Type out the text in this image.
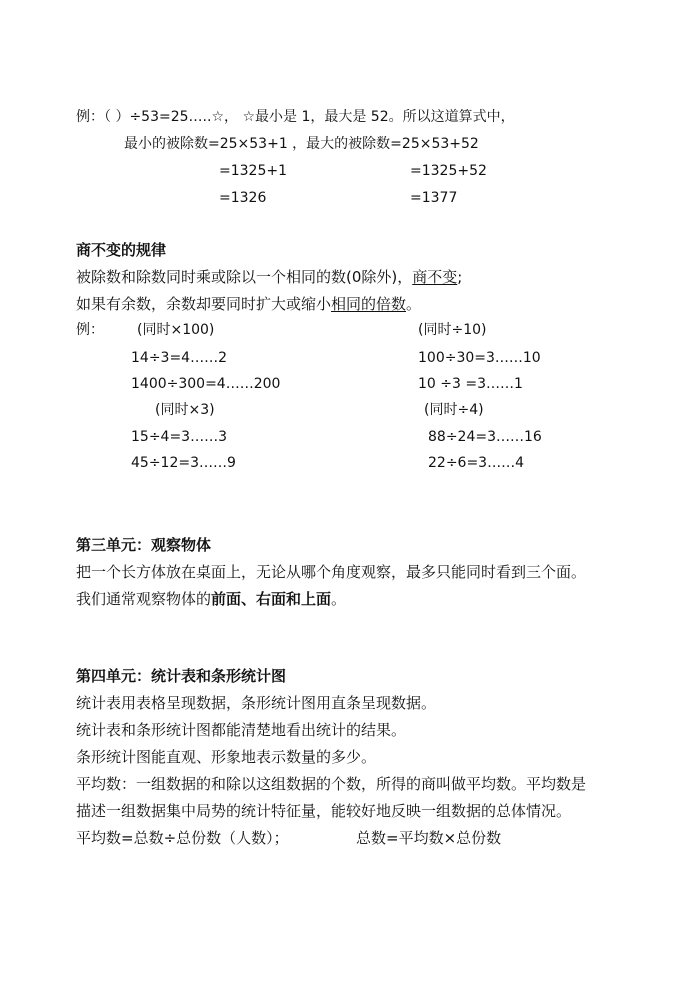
例：（ ）÷53=25…..☆， ☆最小是 1，最大是 52。所以这道算式中，
最小的被除数=25×53+1 ，最大的被除数=25×53+52
=1325+1	=1325+52
=1326	=1377
商不变的规律
被除数和除数同时乘或除以一个相同的数(0除外)，商不变;
如果有余数，余数却要同时扩大或缩小相同的倍数。
例： (同时×100)	(同时÷10)
14÷3=4……2	100÷30=3……10
1400÷300=4……200	10 ÷3 =3……1
(同时×3)	(同时÷4)
15÷4=3……3	88÷24=3……16
45÷12=3……9	22÷6=3……4
第三单元：观察物体
把一个长方体放在桌面上，无论从哪个角度观察，最多只能同时看到三个面。
我们通常观察物体的前面、右面和上面。
第四单元：统计表和条形统计图
统计表用表格呈现数据，条形统计图用直条呈现数据。
统计表和条形统计图都能清楚地看出统计的结果。
条形统计图能直观、形象地表示数量的多少。
平均数：一组数据的和除以这组数据的个数，所得的商叫做平均数。平均数是
描述一组数据集中局势的统计特征量，能较好地反映一组数据的总体情况。
平均数=总数÷总份数（人数）；	总数=平均数×总份数
